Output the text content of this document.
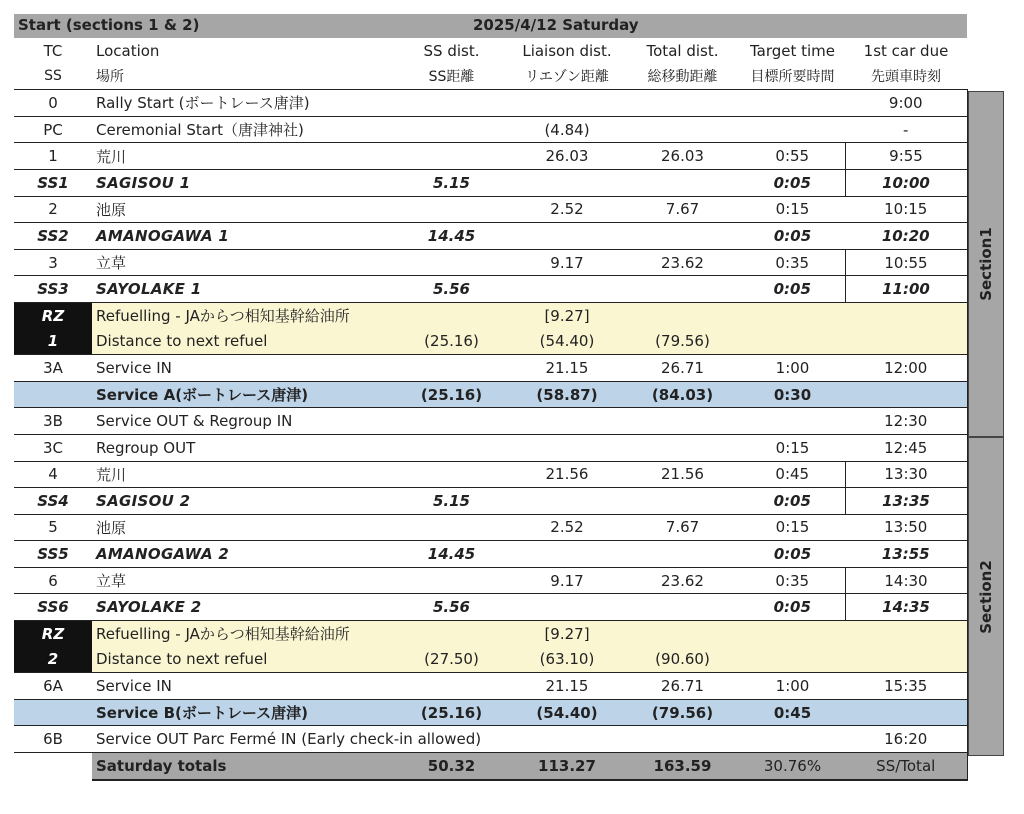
Start (sections 1 & 2)	2025/4/12 Saturday
TC	Location	SS dist.	Liaison dist.	Total dist.	Target time	1st car due
SS	場所	SS距離	リエゾン距離	総移動距離	目標所要時間	先頭車時刻
0	Rally Start (ボートレース唐津)					9:00
PC	Ceremonial Start（唐津神社)		(4.84)			-
1	荒川		26.03	26.03	0:55	9:55
SS1	SAGISOU 1	5.15			0:05	10:00
2	池原		2.52	7.67	0:15	10:15
SS2	AMANOGAWA 1	14.45			0:05	10:20
3	立草		9.17	23.62	0:35	10:55
SS3	SAYOLAKE 1	5.56			0:05	11:00
RZ	Refuelling - JAからつ相知基幹給油所		[9.27]			
1	Distance to next refuel	(25.16)	(54.40)	(79.56)		
3A	Service IN		21.15	26.71	1:00	12:00
	Service A(ボートレース唐津)	(25.16)	(58.87)	(84.03)	0:30	
3B	Service OUT & Regroup IN					12:30
3C	Regroup OUT				0:15	12:45
4	荒川		21.56	21.56	0:45	13:30
SS4	SAGISOU 2	5.15			0:05	13:35
5	池原		2.52	7.67	0:15	13:50
SS5	AMANOGAWA 2	14.45			0:05	13:55
6	立草		9.17	23.62	0:35	14:30
SS6	SAYOLAKE 2	5.56			0:05	14:35
RZ	Refuelling - JAからつ相知基幹給油所		[9.27]			
2	Distance to next refuel	(27.50)	(63.10)	(90.60)		
6A	Service IN		21.15	26.71	1:00	15:35
	Service B(ボートレース唐津)	(25.16)	(54.40)	(79.56)	0:45	
6B	Service OUT Parc Fermé IN (Early check-in allowed)					16:20
	Saturday totals	50.32	113.27	163.59	30.76%	SS/Total
Section1
Section2
